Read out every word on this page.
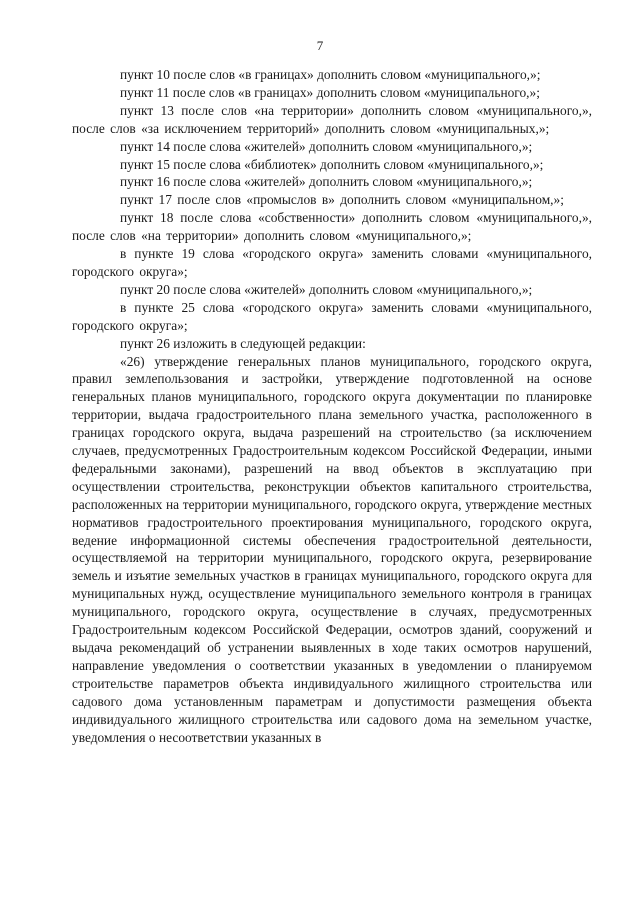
7

пункт 10 после слов «в границах» дополнить словом «муниципального,»;

пункт 11 после слов «в границах» дополнить словом «муниципального,»;

пункт 13 после слов «на территории» дополнить словом «муниципального,», после слов «за исключением территорий» дополнить словом «муниципальных,»;

пункт 14 после слова «жителей» дополнить словом «муниципального,»;

пункт 15 после слова «библиотек» дополнить словом «муниципального,»;

пункт 16 после слова «жителей» дополнить словом «муниципального,»;

пункт 17 после слов «промыслов в» дополнить словом «муниципальном,»;

пункт 18 после слова «собственности» дополнить словом «муниципального,», после слов «на территории» дополнить словом «муниципального,»;

в пункте 19 слова «городского округа» заменить словами «муниципального, городского округа»;

пункт 20 после слова «жителей» дополнить словом «муниципального,»;

в пункте 25 слова «городского округа» заменить словами «муниципального, городского округа»;

пункт 26 изложить в следующей редакции:

«26) утверждение генеральных планов муниципального, городского округа, правил землепользования и застройки, утверждение подготовленной на основе генеральных планов муниципального, городского округа документации по планировке территории, выдача градостроительного плана земельного участка, расположенного в границах городского округа, выдача разрешений на строительство (за исключением случаев, предусмотренных Градостроительным кодексом Российской Федерации, иными федеральными законами), разрешений на ввод объектов в эксплуатацию при осуществлении строительства, реконструкции объектов капитального строительства, расположенных на территории муниципального, городского округа, утверждение местных нормативов градостроительного проектирования муниципального, городского округа, ведение информационной системы обеспечения градостроительной деятельности, осуществляемой на территории муниципального, городского округа, резервирование земель и изъятие земельных участков в границах муниципального, городского округа для муниципальных нужд, осуществление муниципального земельного контроля в границах муниципального, городского округа, осуществление в случаях, предусмотренных Градостроительным кодексом Российской Федерации, осмотров зданий, сооружений и выдача рекомендаций об устранении выявленных в ходе таких осмотров нарушений, направление уведомления о соответствии указанных в уведомлении о планируемом строительстве параметров объекта индивидуального жилищного строительства или садового дома установленным параметрам и допустимости размещения объекта индивидуального жилищного строительства или садового дома на земельном участке, уведомления о несоответствии указанных в
